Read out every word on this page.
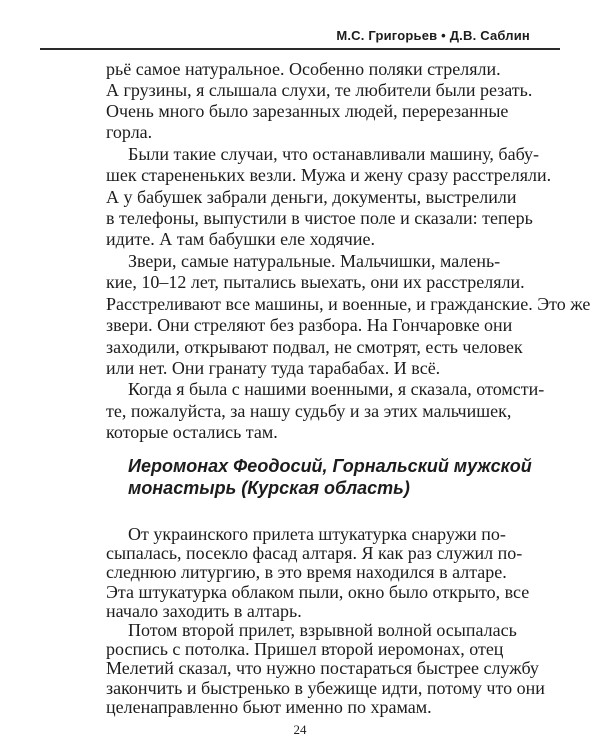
М.С. Григорьев • Д.В. Саблин
рьё самое натуральное. Особенно поляки стреляли.
А грузины, я слышала слухи, те любители были резать.
Очень много было зарезанных людей, перерезанные
горла.
Были такие случаи, что останавливали машину, бабу-
шек старененьких везли. Мужа и жену сразу расстреляли.
А у бабушек забрали деньги, документы, выстрелили
в телефоны, выпустили в чистое поле и сказали: теперь
идите. А там бабушки еле ходячие.
Звери, самые натуральные. Мальчишки, малень-
кие, 10–12 лет, пытались выехать, они их расстреляли.
Расстреливают все машины, и военные, и гражданские. Это же
звери. Они стреляют без разбора. На Гончаровке они
заходили, открывают подвал, не смотрят, есть человек
или нет. Они гранату туда тарабабах. И всё.
Когда я была с нашими военными, я сказала, отомсти-
те, пожалуйста, за нашу судьбу и за этих мальчишек,
которые остались там.
Иеромонах Феодосий, Горнальский мужской
монастырь (Курская область)
От украинского прилета штукатурка снаружи по-
сыпалась, посекло фасад алтаря. Я как раз служил по-
следнюю литургию, в это время находился в алтаре.
Эта штукатурка облаком пыли, окно было открыто, все
начало заходить в алтарь.
Потом второй прилет, взрывной волной осыпалась
роспись с потолка. Пришел второй иеромонах, отец
Мелетий сказал, что нужно постараться быстрее службу
закончить и быстренько в убежище идти, потому что они
целенаправленно бьют именно по храмам.
24
